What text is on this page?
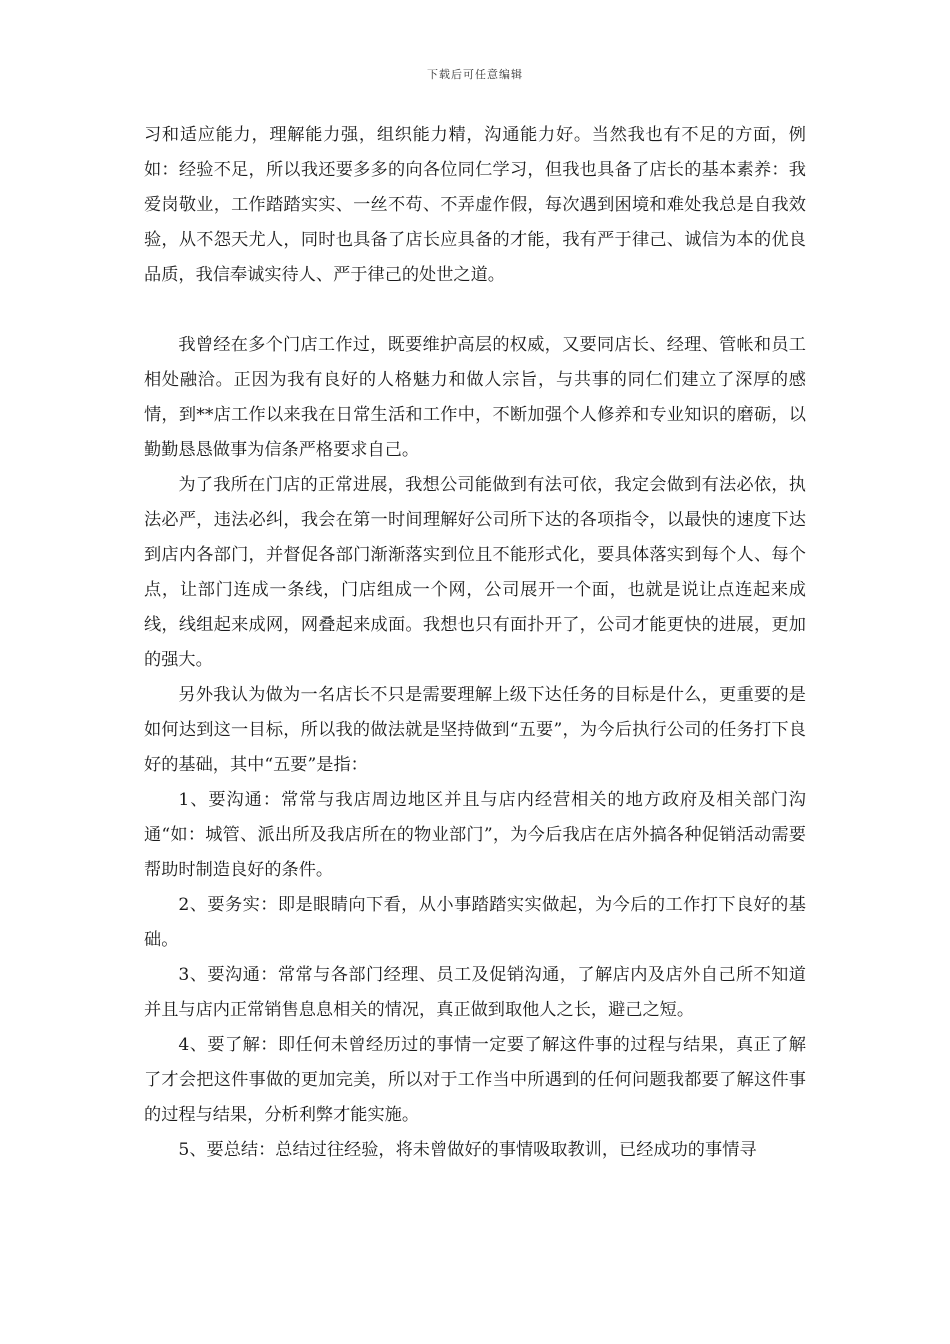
下载后可任意编辑

习和适应能力，理解能力强，组织能力精，沟通能力好。当然我也有不足的方面，例如：经验不足，所以我还要多多的向各位同仁学习，但我也具备了店长的基本素养：我爱岗敬业，工作踏踏实实、一丝不苟、不弄虚作假，每次遇到困境和难处我总是自我效验，从不怨天尤人，同时也具备了店长应具备的才能，我有严于律己、诚信为本的优良品质，我信奉诚实待人、严于律己的处世之道。

我曾经在多个门店工作过，既要维护高层的权威，又要同店长、经理、管帐和员工相处融洽。正因为我有良好的人格魅力和做人宗旨，与共事的同仁们建立了深厚的感情，到**店工作以来我在日常生活和工作中，不断加强个人修养和专业知识的磨砺，以勤勤恳恳做事为信条严格要求自己。

为了我所在门店的正常进展，我想公司能做到有法可依，我定会做到有法必依，执法必严，违法必纠，我会在第一时间理解好公司所下达的各项指令，以最快的速度下达到店内各部门，并督促各部门渐渐落实到位且不能形式化，要具体落实到每个人、每个点，让部门连成一条线，门店组成一个网，公司展开一个面，也就是说让点连起来成线，线组起来成网，网叠起来成面。我想也只有面扑开了，公司才能更快的进展，更加的强大。

另外我认为做为一名店长不只是需要理解上级下达任务的目标是什么，更重要的是如何达到这一目标，所以我的做法就是坚持做到“五要”，为今后执行公司的任务打下良好的基础，其中“五要”是指：

1、要沟通：常常与我店周边地区并且与店内经营相关的地方政府及相关部门沟通“如：城管、派出所及我店所在的物业部门”，为今后我店在店外搞各种促销活动需要帮助时制造良好的条件。

2、要务实：即是眼睛向下看，从小事踏踏实实做起，为今后的工作打下良好的基础。

3、要沟通：常常与各部门经理、员工及促销沟通，了解店内及店外自己所不知道并且与店内正常销售息息相关的情况，真正做到取他人之长，避己之短。

4、要了解：即任何未曾经历过的事情一定要了解这件事的过程与结果，真正了解了才会把这件事做的更加完美，所以对于工作当中所遇到的任何问题我都要了解这件事的过程与结果，分析利弊才能实施。

5、要总结：总结过往经验，将未曾做好的事情吸取教训，已经成功的事情寻
